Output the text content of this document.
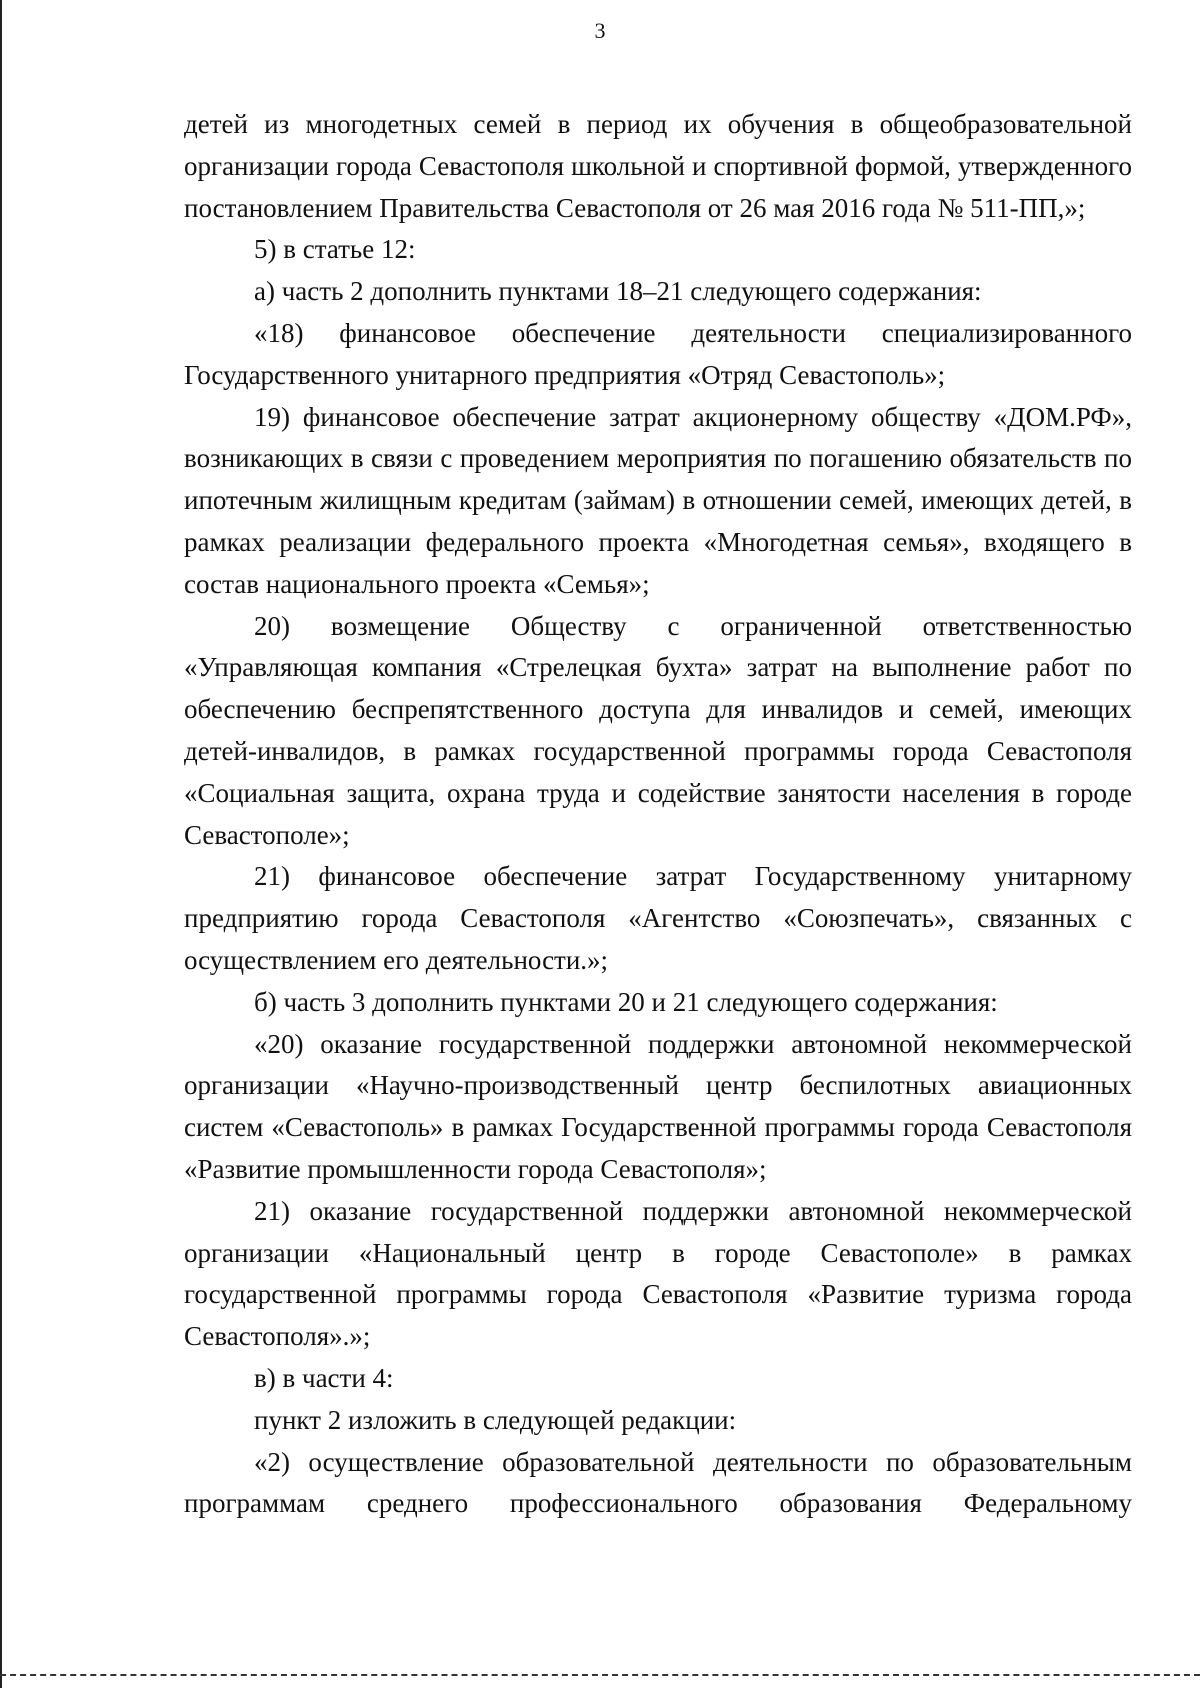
3

детей из многодетных семей в период их обучения в общеобразовательной организации города Севастополя школьной и спортивной формой, утвержденного постановлением Правительства Севастополя от 26 мая 2016 года № 511-ПП,»;

5) в статье 12:

а) часть 2 дополнить пунктами 18–21 следующего содержания:

«18) финансовое обеспечение деятельности специализированного Государственного унитарного предприятия «Отряд Севастополь»;

19) финансовое обеспечение затрат акционерному обществу «ДОМ.РФ», возникающих в связи с проведением мероприятия по погашению обязательств по ипотечным жилищным кредитам (займам) в отношении семей, имеющих детей, в рамках реализации федерального проекта «Многодетная семья», входящего в состав национального проекта «Семья»;

20) возмещение Обществу с ограниченной ответственностью «Управляющая компания «Стрелецкая бухта» затрат на выполнение работ по обеспечению беспрепятственного доступа для инвалидов и семей, имеющих детей-инвалидов, в рамках государственной программы города Севастополя «Социальная защита, охрана труда и содействие занятости населения в городе Севастополе»;

21) финансовое обеспечение затрат Государственному унитарному предприятию города Севастополя «Агентство «Союзпечать», связанных с осуществлением его деятельности.»;

б) часть 3 дополнить пунктами 20 и 21 следующего содержания:

«20) оказание государственной поддержки автономной некоммерческой организации «Научно-производственный центр беспилотных авиационных систем «Севастополь» в рамках Государственной программы города Севастополя «Развитие промышленности города Севастополя»;

21) оказание государственной поддержки автономной некоммерческой организации «Национальный центр в городе Севастополе» в рамках государственной программы города Севастополя «Развитие туризма города Севастополя».»;

в) в части 4:

пункт 2 изложить в следующей редакции:

«2) осуществление образовательной деятельности по образовательным программам среднего профессионального образования Федеральному
